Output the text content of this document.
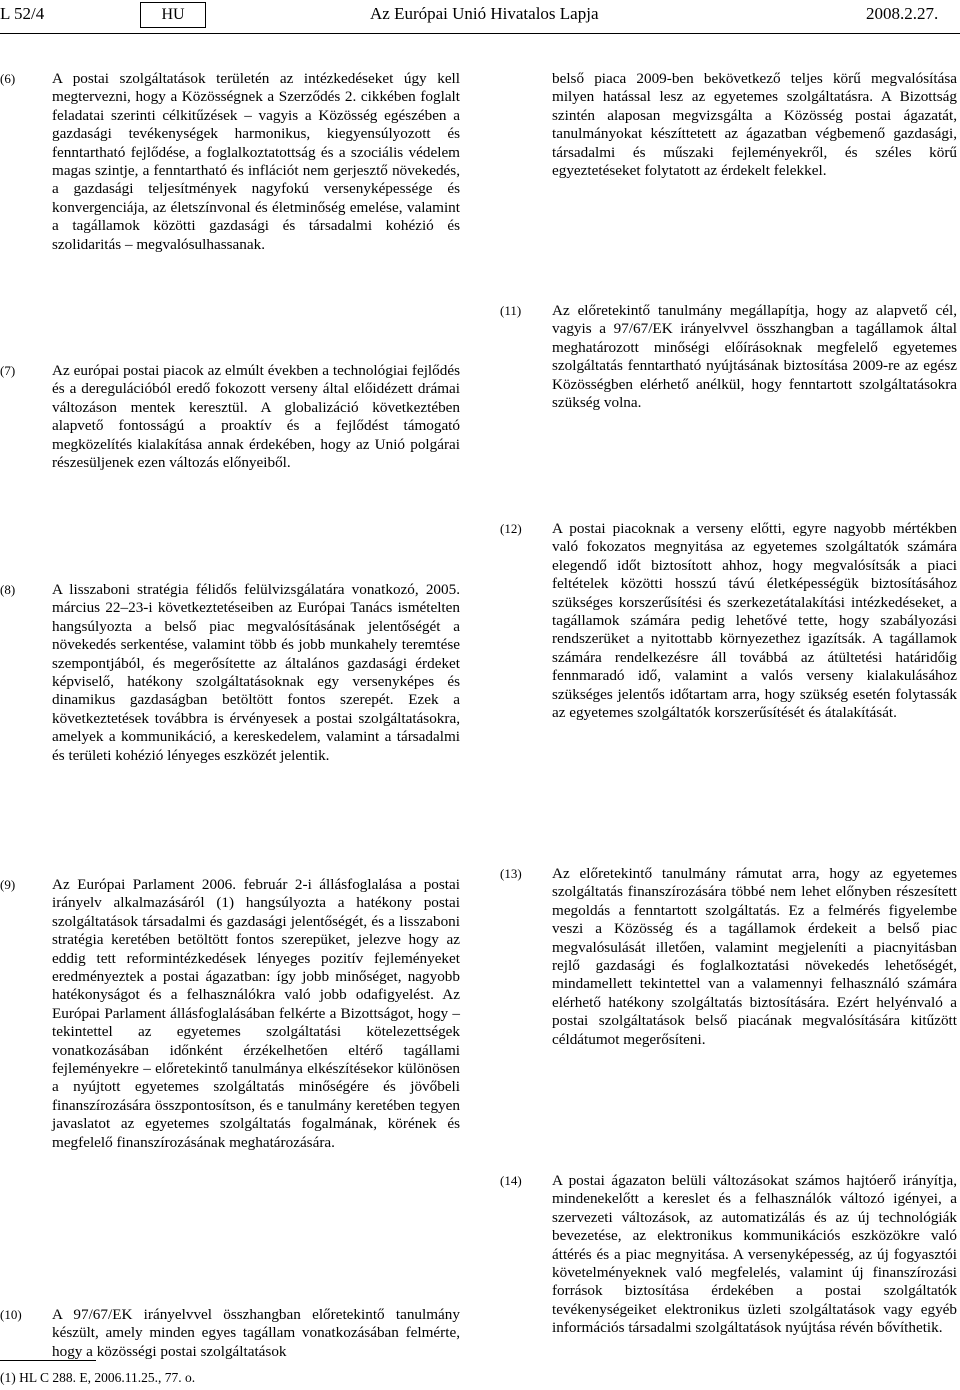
L 52/4	HU	Az Európai Unió Hivatalos Lapja	2008.2.27.
(6) A postai szolgáltatások területén az intézkedéseket úgy kell megtervezni, hogy a Közösségnek a Szerződés 2. cikkében foglalt feladatai szerinti célkitűzések – vagyis a Közösség egészében a gazdasági tevékenységek harmonikus, kiegyensúlyozott és fenntartható fejlődése, a foglalkoztatottság és a szociális védelem magas szintje, a fenntartható és inflációt nem gerjesztő növekedés, a gazdasági teljesítmények nagyfokú versenyképessége és konvergenciája, az életszínvonal és életminőség emelése, valamint a tagállamok közötti gazdasági és társadalmi kohézió és szolidaritás – megvalósulhassanak.
(7) Az európai postai piacok az elmúlt években a technológiai fejlődés és a deregulációból eredő fokozott verseny által előidézett drámai változáson mentek keresztül. A globalizáció következtében alapvető fontosságú a proaktív és a fejlődést támogató megközelítés kialakítása annak érdekében, hogy az Unió polgárai részesüljenek ezen változás előnyeiből.
(8) A lisszaboni stratégia félidős felülvizsgálatára vonatkozó, 2005. március 22–23-i következtetéseiben az Európai Tanács ismételten hangsúlyozta a belső piac megvalósításának jelentőségét a növekedés serkentése, valamint több és jobb munkahely teremtése szempontjából, és megerősítette az általános gazdasági érdeket képviselő, hatékony szolgáltatásoknak egy versenyképes és dinamikus gazdaságban betöltött fontos szerepét. Ezek a következtetések továbbra is érvényesek a postai szolgáltatásokra, amelyek a kommunikáció, a kereskedelem, valamint a társadalmi és területi kohézió lényeges eszközét jelentik.
(9) Az Európai Parlament 2006. február 2-i állásfoglalása a postai irányelv alkalmazásáról (1) hangsúlyozta a hatékony postai szolgáltatások társadalmi és gazdasági jelentőségét, és a lisszaboni stratégia keretében betöltött fontos szerepüket, jelezve hogy az eddig tett reformintézkedések lényeges pozitív fejleményeket eredményeztek a postai ágazatban: így jobb minőséget, nagyobb hatékonyságot és a felhasználókra való jobb odafigyelést. Az Európai Parlament állásfoglalásában felkérte a Bizottságot, hogy – tekintettel az egyetemes szolgáltatási kötelezettségek vonatkozásában időnként érzékelhetően eltérő tagállami fejleményekre – előretekintő tanulmánya elkészítésekor különösen a nyújtott egyetemes szolgáltatás minőségére és jövőbeli finanszírozására összpontosítson, és e tanulmány keretében tegyen javaslatot az egyetemes szolgáltatás fogalmának, körének és megfelelő finanszírozásának meghatározására.
(10) A 97/67/EK irányelvvel összhangban előretekintő tanulmány készült, amely minden egyes tagállam vonatkozásában felmérte, hogy a közösségi postai szolgáltatások
belső piaca 2009-ben bekövetkező teljes körű megvalósítása milyen hatással lesz az egyetemes szolgáltatásra. A Bizottság szintén alaposan megvizsgálta a Közösség postai ágazatát, tanulmányokat készíttetett az ágazatban végbemenő gazdasági, társadalmi és műszaki fejleményekről, és széles körű egyeztetéseket folytatott az érdekelt felekkel.
(11) Az előretekintő tanulmány megállapítja, hogy az alapvető cél, vagyis a 97/67/EK irányelvvel összhangban a tagállamok által meghatározott minőségi előírásoknak megfelelő egyetemes szolgáltatás fenntartható nyújtásának biztosítása 2009-re az egész Közösségben elérhető anélkül, hogy fenntartott szolgáltatásokra szükség volna.
(12) A postai piacoknak a verseny előtti, egyre nagyobb mértékben való fokozatos megnyitása az egyetemes szolgáltatók számára elegendő időt biztosított ahhoz, hogy megvalósítsák a piaci feltételek közötti hosszú távú életképességük biztosításához szükséges korszerűsítési és szerkezetátalakítási intézkedéseket, a tagállamok számára pedig lehetővé tette, hogy szabályozási rendszerüket a nyitottabb környezethez igazítsák. A tagállamok számára rendelkezésre áll továbbá az átültetési határidőig fennmaradó idő, valamint a valós verseny kialakulásához szükséges jelentős időtartam arra, hogy szükség esetén folytassák az egyetemes szolgáltatók korszerűsítését és átalakítását.
(13) Az előretekintő tanulmány rámutat arra, hogy az egyetemes szolgáltatás finanszírozására többé nem lehet előnyben részesített megoldás a fenntartott szolgáltatás. Ez a felmérés figyelembe veszi a Közösség és a tagállamok érdekeit a belső piac megvalósulását illetően, valamint megjeleníti a piacnyitásban rejlő gazdasági és foglalkoztatási növekedés lehetőségét, mindamellett tekintettel van a valamennyi felhasználó számára elérhető hatékony szolgáltatás biztosítására. Ezért helyénvaló a postai szolgáltatások belső piacának megvalósítására kitűzött céldátumot megerősíteni.
(14) A postai ágazaton belüli változásokat számos hajtóerő irányítja, mindenekelőtt a kereslet és a felhasználók változó igényei, a szervezeti változások, az automatizálás és az új technológiák bevezetése, az elektronikus kommunikációs eszközökre való áttérés és a piac megnyitása. A versenyképesség, az új fogyasztói követelményeknek való megfelelés, valamint új finanszírozási források biztosítása érdekében a postai szolgáltatók tevékenységeiket elektronikus üzleti szolgáltatások vagy egyéb információs társadalmi szolgáltatások nyújtása révén bővíthetik.
(1) HL C 288. E, 2006.11.25., 77. o.
